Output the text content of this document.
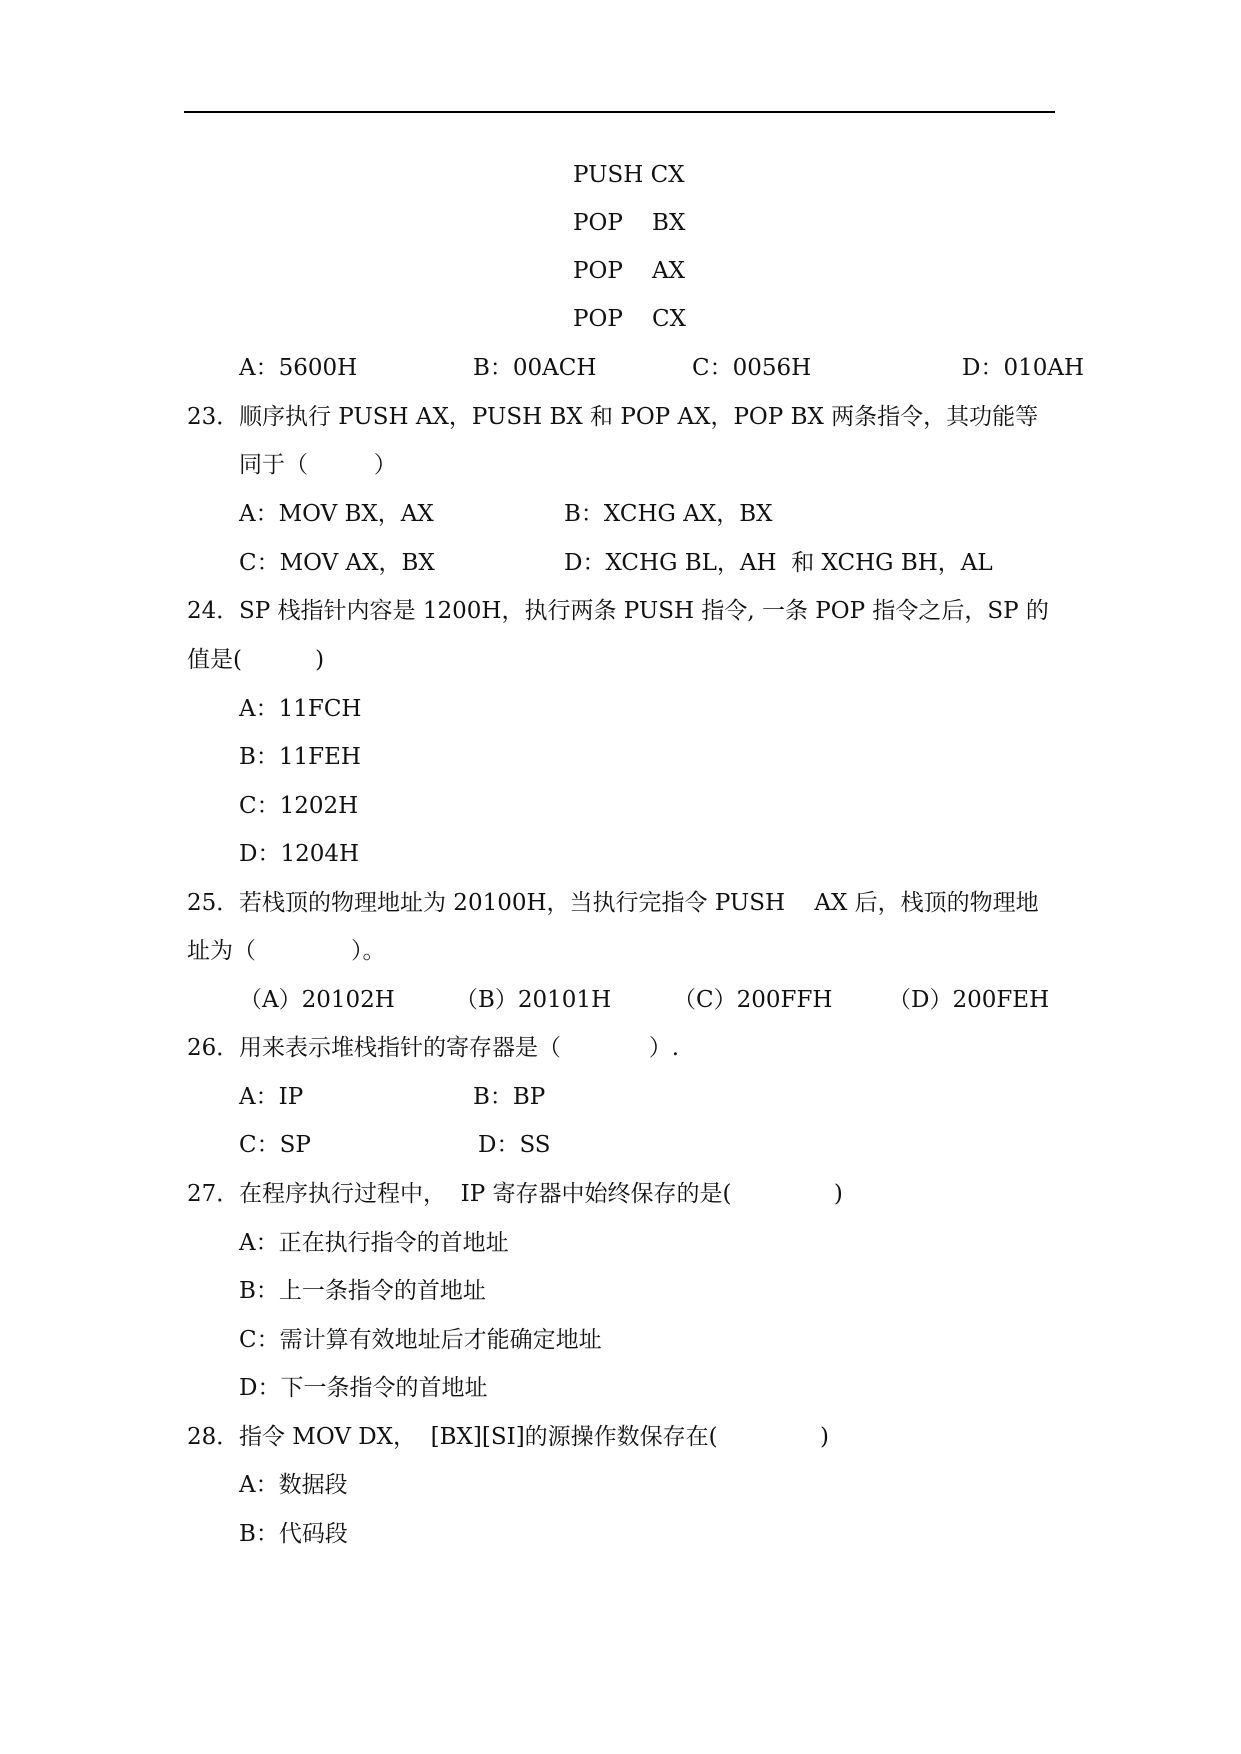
PUSH CX
POP    BX
POP    AX
POP    CX
A：5600H	B：00ACH	C：0056H	D：010AH
23． 顺序执行 PUSH AX，PUSH BX 和 POP AX，POP BX 两条指令，其功能等
同于（         ）
A：MOV BX，AX	B：XCHG AX，BX
C：MOV AX，BX	D：XCHG BL，AH  和 XCHG BH，AL
24． SP 栈指针内容是 1200H，执行两条 PUSH 指令, 一条 POP 指令之后，SP 的
值是(          )
A：11FCH
B：11FEH
C：1202H
D：1204H
25． 若栈顶的物理地址为 20100H，当执行完指令 PUSH    AX 后，栈顶的物理地
址为（             ）。
（A）20102H	（B）20101H	（C）200FFH （D）200FEH
26． 用来表示堆栈指针的寄存器是（            ）.
A：IP	B：BP
C：SP	D：SS
27． 在程序执行过程中，  IP 寄存器中始终保存的是(              )
A：正在执行指令的首地址
B：上一条指令的首地址
C：需计算有效地址后才能确定地址
D：下一条指令的首地址
28． 指令 MOV DX，  [BX][SI]的源操作数保存在(              )
A：数据段
B：代码段
